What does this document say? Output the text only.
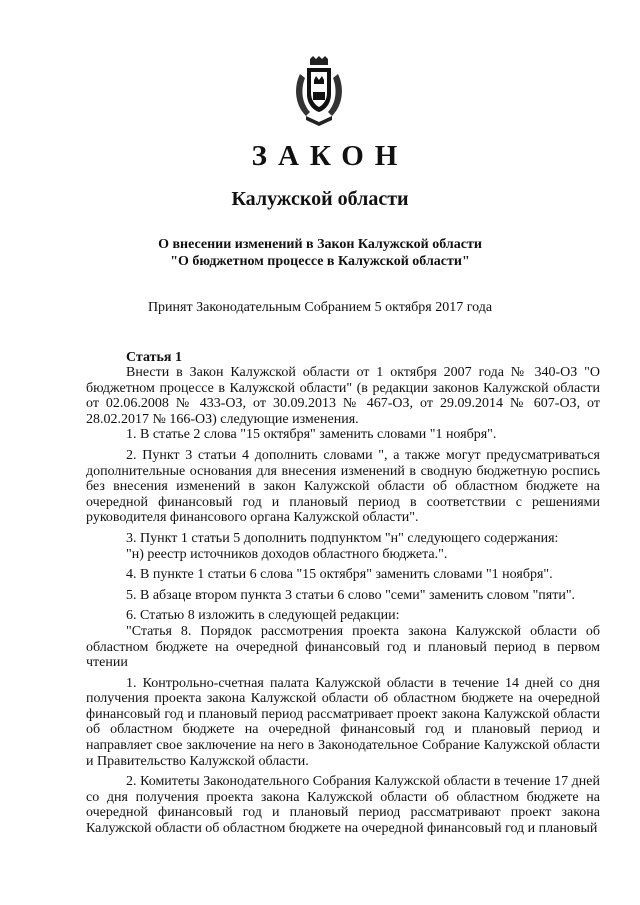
ЗАКОН
Калужской области
О внесении изменений в Закон Калужской области
"О бюджетном процессе в Калужской области"
Принят Законодательным Собранием 5 октября 2017 года
Статья 1

Внести в Закон Калужской области от 1 октября 2007 года № 340-ОЗ "О бюджетном процессе в Калужской области" (в редакции законов Калужской области от 02.06.2008 № 433-ОЗ, от 30.09.2013 № 467-ОЗ, от 29.09.2014 № 607-ОЗ, от 28.02.2017 № 166-ОЗ) следующие изменения.

1. В статье 2 слова "15 октября" заменить словами "1 ноября".

2. Пункт 3 статьи 4 дополнить словами ", а также могут предусматриваться дополнительные основания для внесения изменений в сводную бюджетную роспись без внесения изменений в закон Калужской области об областном бюджете на очередной финансовый год и плановый период в соответствии с решениями руководителя финансового органа Калужской области".

3. Пункт 1 статьи 5 дополнить подпунктом "н" следующего содержания:

"н) реестр источников доходов областного бюджета.".

4. В пункте 1 статьи 6 слова "15 октября" заменить словами "1 ноября".

5. В абзаце втором пункта 3 статьи 6 слово "семи" заменить словом "пяти".

6. Статью 8 изложить в следующей редакции:

"Статья 8. Порядок рассмотрения проекта закона Калужской области об областном бюджете на очередной финансовый год и плановый период в первом чтении

1. Контрольно-счетная палата Калужской области в течение 14 дней со дня получения проекта закона Калужской области об областном бюджете на очередной финансовый год и плановый период рассматривает проект закона Калужской области об областном бюджете на очередной финансовый год и плановый период и направляет свое заключение на него в Законодательное Собрание Калужской области и Правительство Калужской области.

2. Комитеты Законодательного Собрания Калужской области в течение 17 дней со дня получения проекта закона Калужской области об областном бюджете на очередной финансовый год и плановый период рассматривают проект закона Калужской области об областном бюджете на очередной финансовый год и плановый
